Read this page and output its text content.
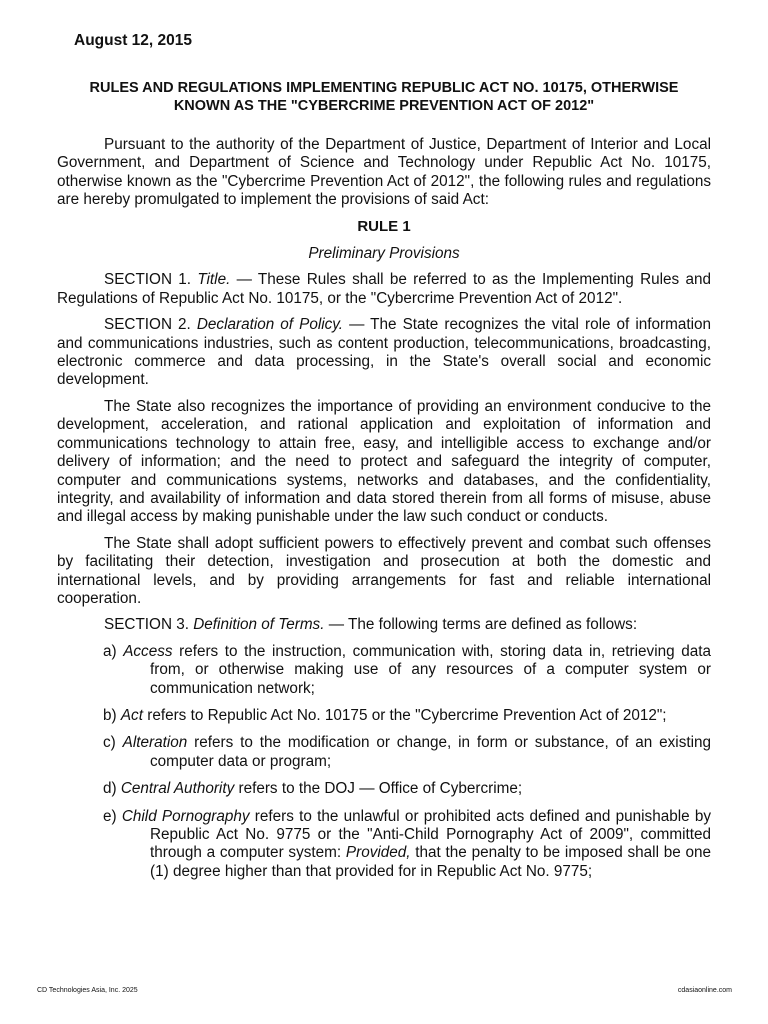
August 12, 2015
RULES AND REGULATIONS IMPLEMENTING REPUBLIC ACT NO. 10175, OTHERWISE
KNOWN AS THE "CYBERCRIME PREVENTION ACT OF 2012"

Pursuant to the authority of the Department of Justice, Department of Interior and Local Government, and Department of Science and Technology under Republic Act No. 10175, otherwise known as the "Cybercrime Prevention Act of 2012", the following rules and regulations are hereby promulgated to implement the provisions of said Act:

RULE 1

Preliminary Provisions

SECTION 1. Title. — These Rules shall be referred to as the Implementing Rules and Regulations of Republic Act No. 10175, or the "Cybercrime Prevention Act of 2012".

SECTION 2. Declaration of Policy. — The State recognizes the vital role of information and communications industries, such as content production, telecommunications, broadcasting, electronic commerce and data processing, in the State's overall social and economic development.

The State also recognizes the importance of providing an environment conducive to the development, acceleration, and rational application and exploitation of information and communications technology to attain free, easy, and intelligible access to exchange and/or delivery of information; and the need to protect and safeguard the integrity of computer, computer and communications systems, networks and databases, and the confidentiality, integrity, and availability of information and data stored therein from all forms of misuse, abuse and illegal access by making punishable under the law such conduct or conducts.

The State shall adopt sufficient powers to effectively prevent and combat such offenses by facilitating their detection, investigation and prosecution at both the domestic and international levels, and by providing arrangements for fast and reliable international cooperation.

SECTION 3. Definition of Terms. — The following terms are defined as follows:

a) Access refers to the instruction, communication with, storing data in, retrieving data from, or otherwise making use of any resources of a computer system or communication network;

b) Act refers to Republic Act No. 10175 or the "Cybercrime Prevention Act of 2012";

c) Alteration refers to the modification or change, in form or substance, of an existing computer data or program;

d) Central Authority refers to the DOJ — Office of Cybercrime;

e) Child Pornography refers to the unlawful or prohibited acts defined and punishable by Republic Act No. 9775 or the "Anti-Child Pornography Act of 2009", committed through a computer system: Provided, that the penalty to be imposed shall be one (1) degree higher than that provided for in Republic Act No. 9775;

CD Technologies Asia, Inc. 2025	cdasiaonline.com
